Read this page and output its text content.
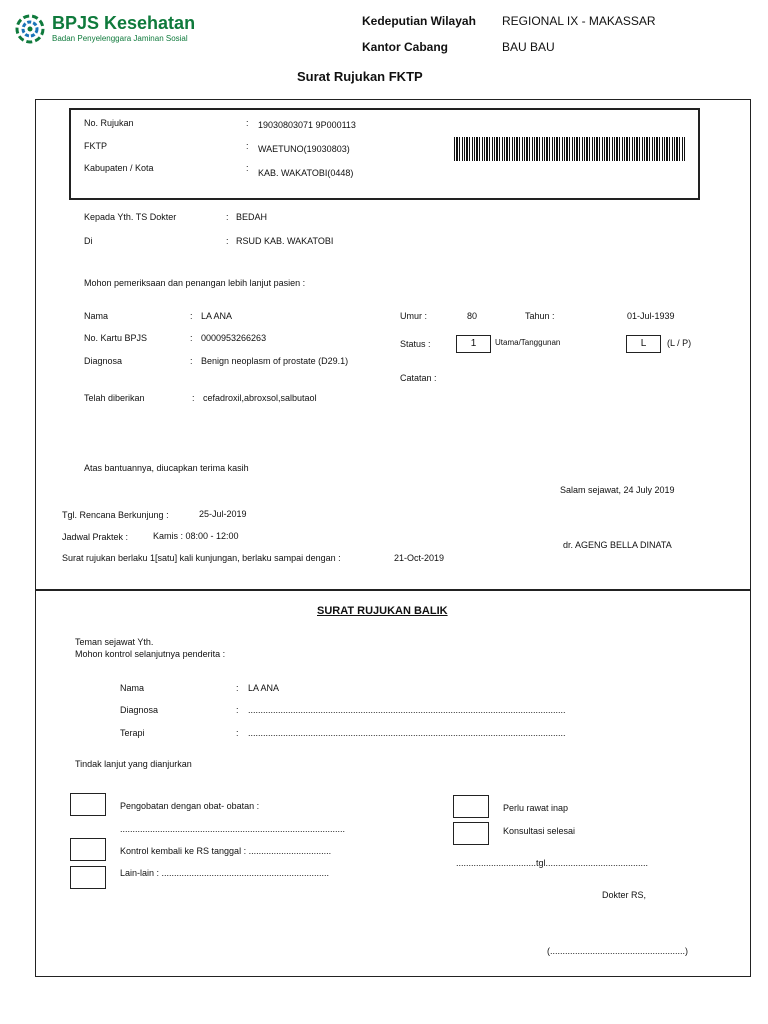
BPJS Kesehatan
Badan Penyelenggara Jaminan Sosial
Kedeputian Wilayah REGIONAL IX - MAKASSAR
Kantor Cabang	BAU BAU
Surat Rujukan FKTP
No. Rujukan	: 19030803071 9P000113
FKTP	: WAETUNO(19030803)
Kabupaten / Kota	: KAB. WAKATOBI(0448)
Kepada Yth. TS Dokter	: BEDAH
Di	: RSUD KAB. WAKATOBI
Mohon pemeriksaan dan penangan lebih lanjut pasien :
Nama	: LA ANA
No. Kartu BPJS	: 0000953266263
Diagnosa	: Benign neoplasm of prostate (D29.1)
Telah diberikan	: cefadroxil,abroxsol,salbutaol
Umur :	80	Tahun :	01-Jul-1939
Status :	1	Utama/Tanggunan	L	(L / P)
Catatan :
Atas bantuannya, diucapkan terima kasih
Salam sejawat, 24 July 2019
Tgl. Rencana Berkunjung :	25-Jul-2019
Jadwal Praktek :	Kamis : 08:00 - 12:00
Surat rujukan berlaku 1[satu] kali kunjungan, berlaku sampai dengan :	21-Oct-2019
dr. AGENG BELLA DINATA
SURAT RUJUKAN BALIK
Teman sejawat Yth.
Mohon kontrol selanjutnya penderita :
Nama	: LA ANA
Diagnosa	: ...............................................................................................................................
Terapi	: ...............................................................................................................................
Tindak lanjut yang dianjurkan
Pengobatan dengan obat- obatan :
..........................................................................................
Kontrol kembali ke RS tanggal : .................................
Lain-lain : ...................................................................
Perlu rawat inap
Konsultasi selesai
................................tgl.........................................
Dokter RS,
(......................................................)
